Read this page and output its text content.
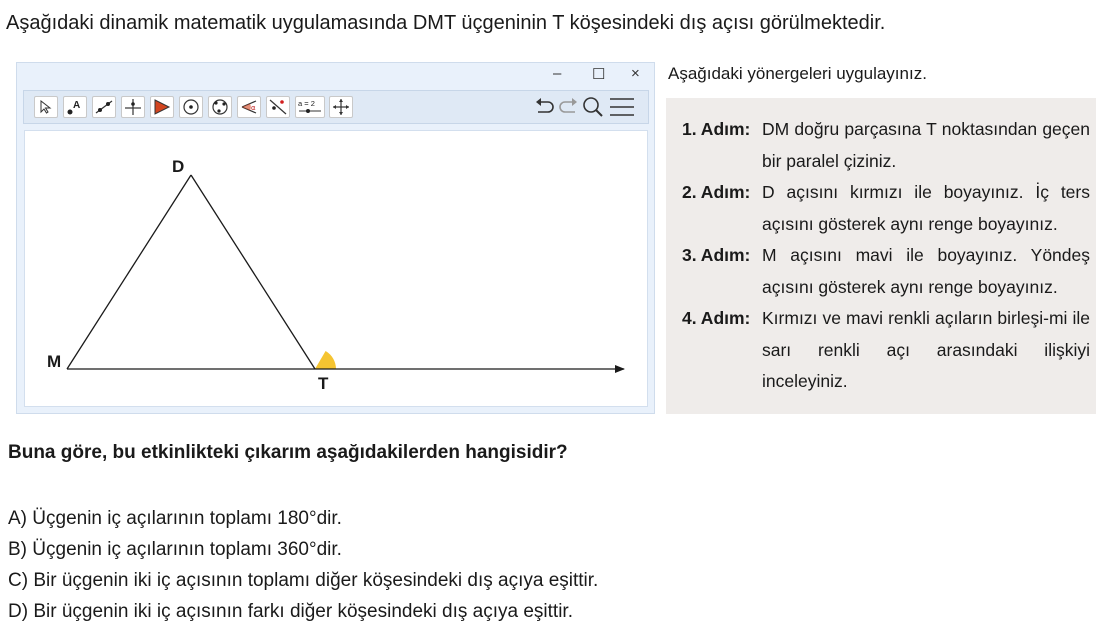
Aşağıdaki dinamik matematik uygulamasında DMT üçgeninin T köşesindeki dış açısı görülmektedir.
– ☐ ×
A	α	a = 2
D
M
T
Aşağıdaki yönergeleri uygulayınız.
1. Adım: DM doğru parçasına T noktasından geçen bir paralel çiziniz.
2. Adım: D açısını kırmızı ile boyayınız. İç ters açısını gösterek aynı renge boyayınız.
3. Adım: M açısını mavi ile boyayınız. Yöndeş açısını gösterek aynı renge boyayınız.
4. Adım: Kırmızı ve mavi renkli açıların birleşi-mi ile sarı renkli açı arasındaki ilişkiyi inceleyiniz.
Buna göre, bu etkinlikteki çıkarım aşağıdakilerden hangisidir?
A) Üçgenin iç açılarının toplamı 180°dir.
B) Üçgenin iç açılarının toplamı 360°dir.
C) Bir üçgenin iki iç açısının toplamı diğer köşesindeki dış açıya eşittir.
D) Bir üçgenin iki iç açısının farkı diğer köşesindeki dış açıya eşittir.
